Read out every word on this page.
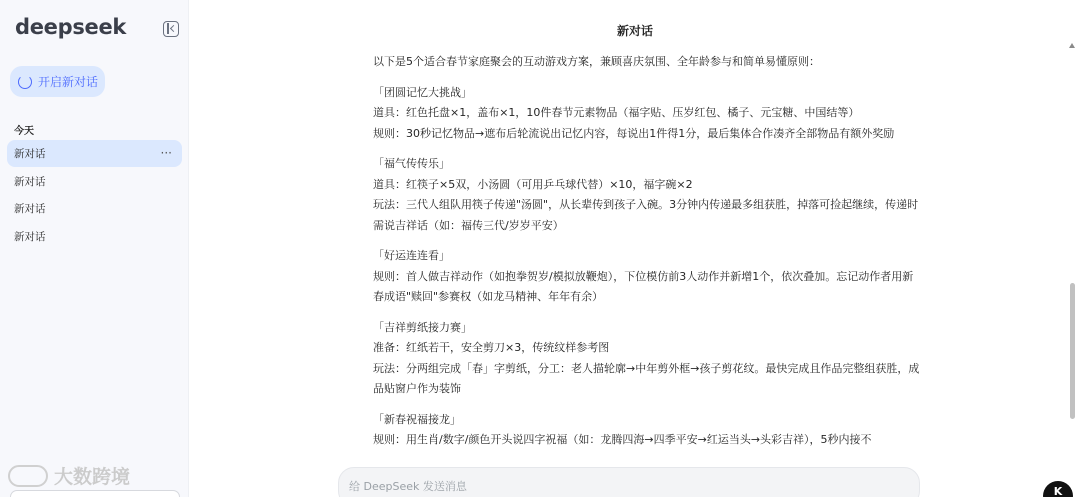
deepseek
开启新对话
今天
新对话	···
新对话
新对话
新对话
大数跨境
新对话

以下是5个适合春节家庭聚会的互动游戏方案，兼顾喜庆氛围、全年龄参与和简单易懂原则：

「团圆记忆大挑战」

道具：红色托盘×1，盖布×1，10件春节元素物品（福字贴、压岁红包、橘子、元宝糖、中国结等）

规则：30秒记忆物品→遮布后轮流说出记忆内容，每说出1件得1分，最后集体合作凑齐全部物品有额外奖励

「福气传传乐」

道具：红筷子×5双，小汤圆（可用乒乓球代替）×10，福字碗×2

玩法：三代人组队用筷子传递"汤圆"，从长辈传到孩子入碗。3分钟内传递最多组获胜，掉落可捡起继续，传递时需说吉祥话（如：福传三代/岁岁平安）

「好运连连看」

规则：首人做吉祥动作（如抱拳贺岁/模拟放鞭炮），下位模仿前3人动作并新增1个，依次叠加。忘记动作者用新春成语"赎回"参赛权（如龙马精神、年年有余）

「吉祥剪纸接力赛」

准备：红纸若干，安全剪刀×3，传统纹样参考图

玩法：分两组完成「春」字剪纸，分工：老人描轮廓→中年剪外框→孩子剪花纹。最快完成且作品完整组获胜，成品贴窗户作为装饰

「新春祝福接龙」

规则：用生肖/数字/颜色开头说四字祝福（如：龙腾四海→四季平安→红运当头→头彩吉祥），5秒内接不

给 DeepSeek 发送消息
K
